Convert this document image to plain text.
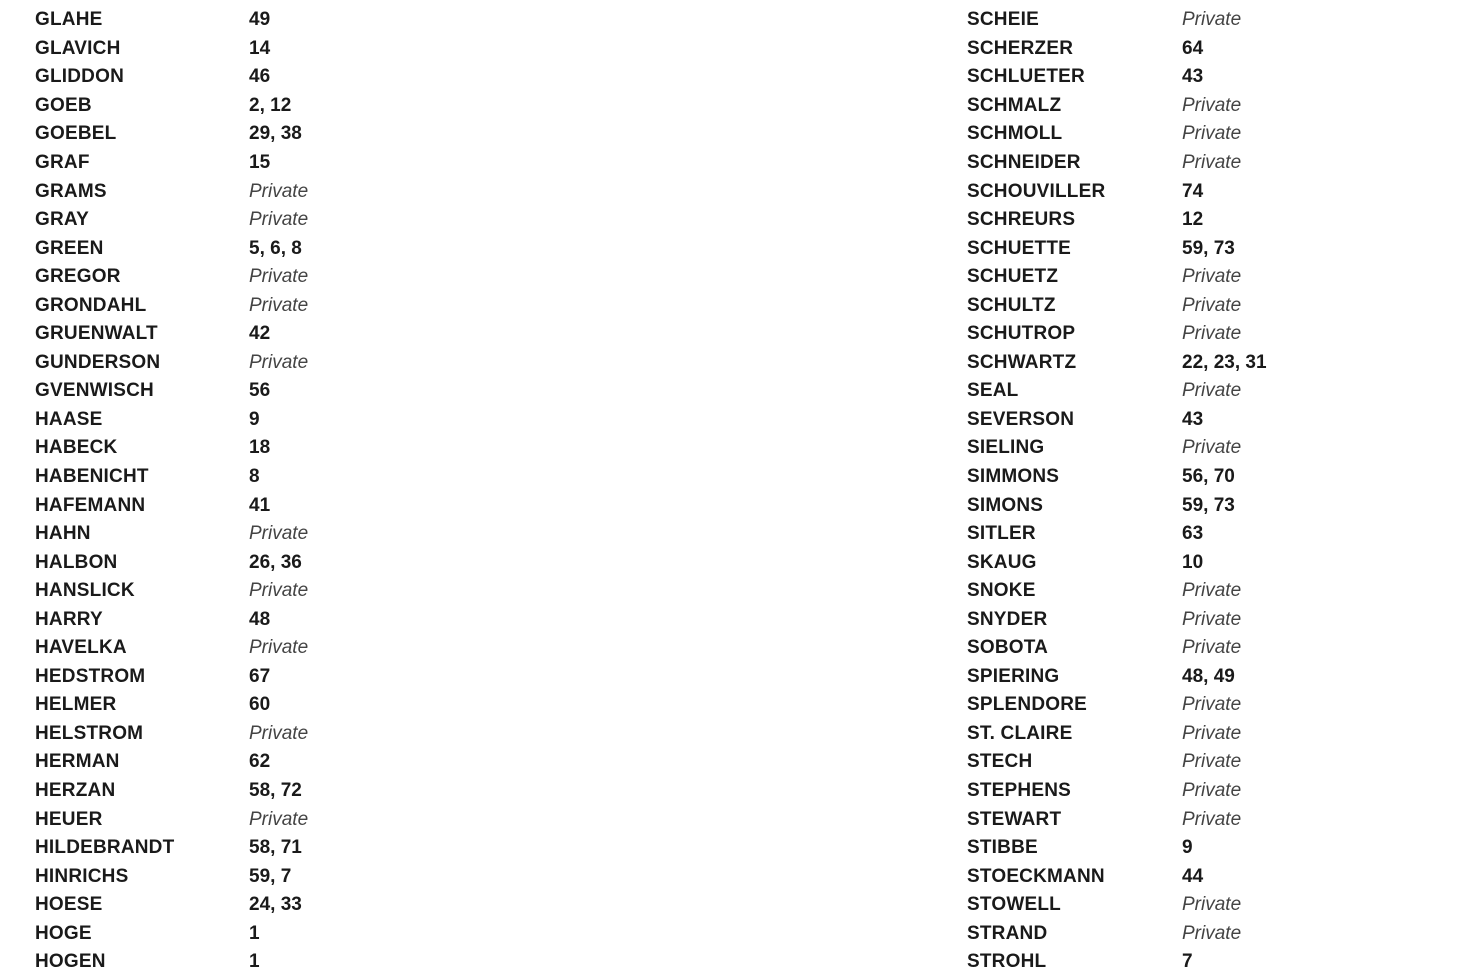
GLAHE	49
GLAVICH	14
GLIDDON	46
GOEB	2, 12
GOEBEL	29, 38
GRAF	15
GRAMS	Private
GRAY	Private
GREEN	5, 6, 8
GREGOR	Private
GRONDAHL	Private
GRUENWALT	42
GUNDERSON	Private
GVENWISCH	56
HAASE	9
HABECK	18
HABENICHT	8
HAFEMANN	41
HAHN	Private
HALBON	26, 36
HANSLICK	Private
HARRY	48
HAVELKA	Private
HEDSTROM	67
HELMER	60
HELSTROM	Private
HERMAN	62
HERZAN	58, 72
HEUER	Private
HILDEBRANDT	58, 71
HINRICHS	59, 7
HOESE	24, 33
HOGE	1
HOGEN	1
SCHEIE	Private
SCHERZER	64
SCHLUETER	43
SCHMALZ	Private
SCHMOLL	Private
SCHNEIDER	Private
SCHOUVILLER	74
SCHREURS	12
SCHUETTE	59, 73
SCHUETZ	Private
SCHULTZ	Private
SCHUTROP	Private
SCHWARTZ	22, 23, 31
SEAL	Private
SEVERSON	43
SIELING	Private
SIMMONS	56, 70
SIMONS	59, 73
SITLER	63
SKAUG	10
SNOKE	Private
SNYDER	Private
SOBOTA	Private
SPIERING	48, 49
SPLENDORE	Private
ST. CLAIRE	Private
STECH	Private
STEPHENS	Private
STEWART	Private
STIBBE	9
STOECKMANN	44
STOWELL	Private
STRAND	Private
STROHL	7
